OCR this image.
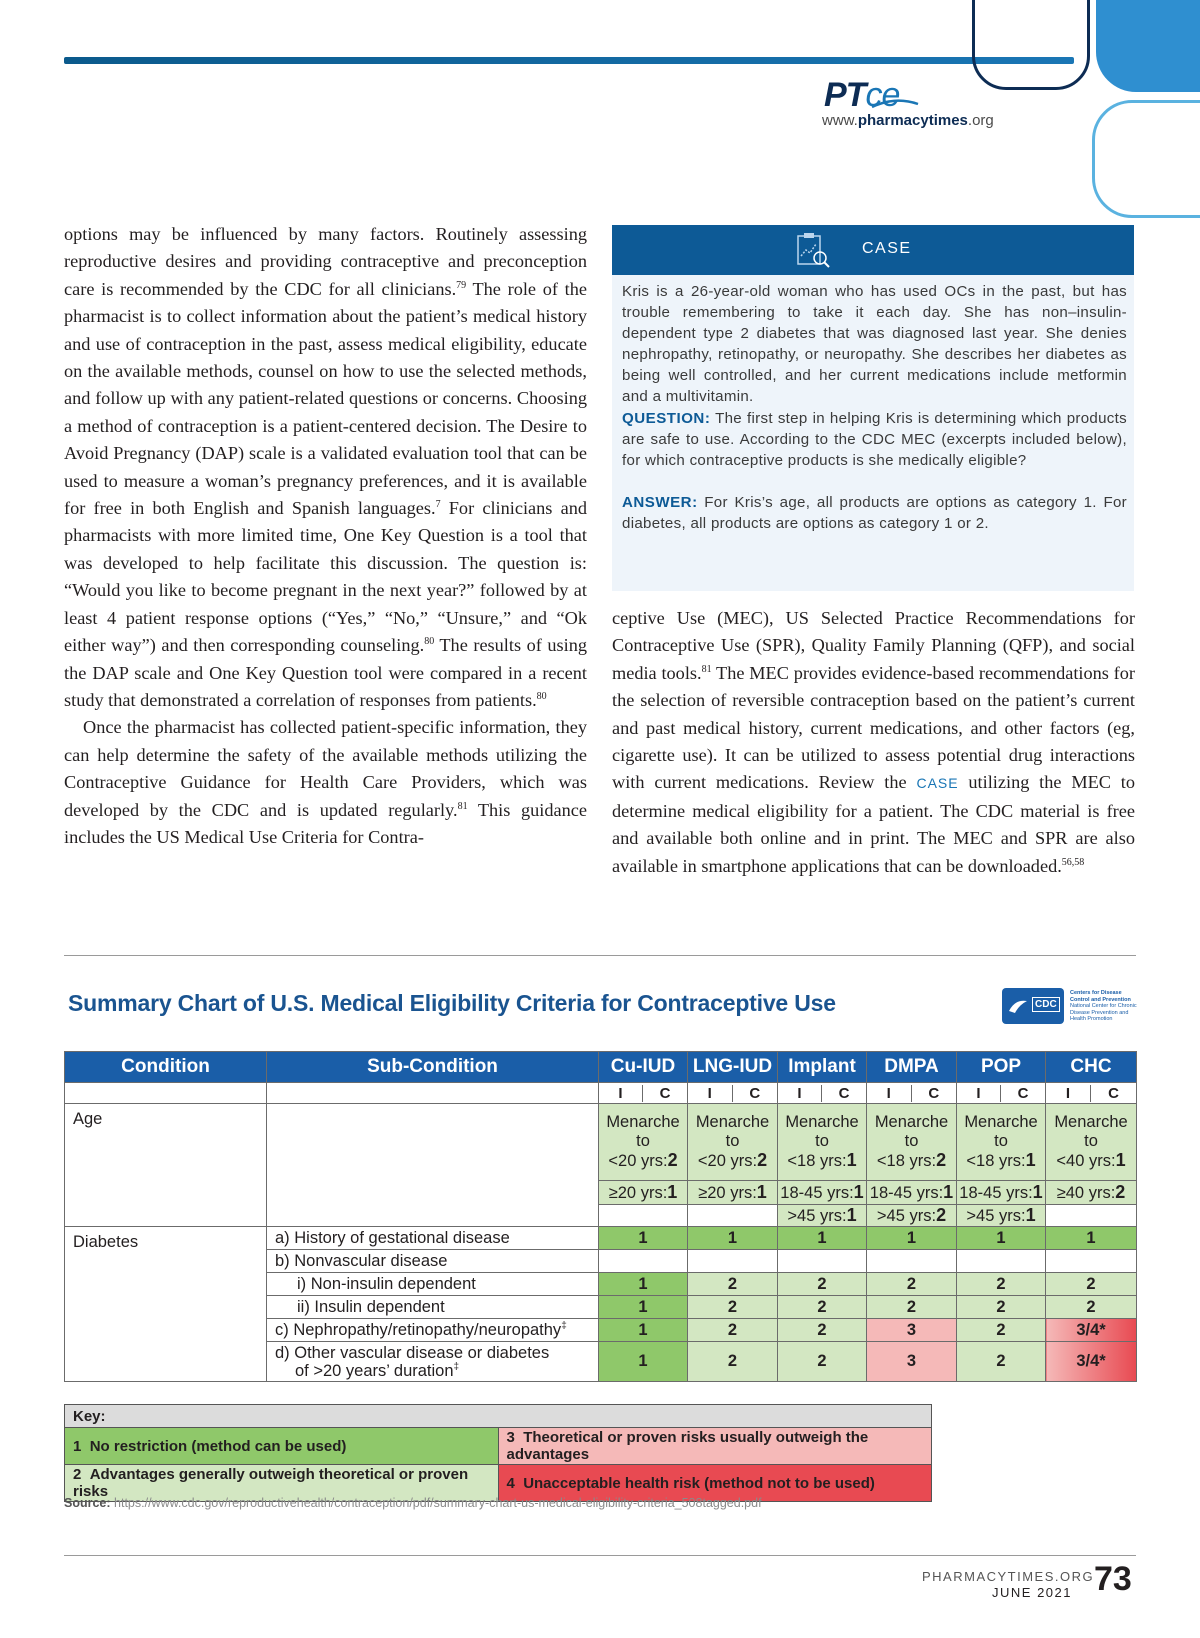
PTce
www.pharmacytimes.org

options may be influenced by many factors. Routinely assessing reproductive desires and providing contraceptive and preconception care is recommended by the CDC for all clinicians.$^{79}$ The role of the pharmacist is to collect information about the patient’s medical history and use of contraception in the past, assess medical eligibility, educate on the available methods, counsel on how to use the selected methods, and follow up with any patient-related questions or concerns. Choosing a method of contraception is a patient-centered decision. The Desire to Avoid Pregnancy (DAP) scale is a validated evaluation tool that can be used to measure a woman’s pregnancy preferences, and it is available for free in both English and Spanish languages.$^7$ For clinicians and pharmacists with more limited time, One Key Question is a tool that was developed to help facilitate this discussion. The question is: “Would you like to become pregnant in the next year?” followed by at least 4 patient response options (“Yes,” “No,” “Unsure,” and “Ok either way”) and then corresponding counseling.$^{80}$ The results of using the DAP scale and One Key Question tool were compared in a recent study that demonstrated a correlation of responses from patients.$^{80}$

Once the pharmacist has collected patient-specific information, they can help determine the safety of the available methods utilizing the Contraceptive Guidance for Health Care Providers, which was developed by the CDC and is updated regularly.$^{81}$ This guidance includes the US Medical Use Criteria for Contra-

CASE

Kris is a 26-year-old woman who has used OCs in the past, but has trouble remembering to take it each day. She has non–insulin-dependent type 2 diabetes that was diagnosed last year. She denies nephropathy, retinopathy, or neuropathy. She describes her diabetes as being well controlled, and her current medications include metformin and a multivitamin.

QUESTION: The first step in helping Kris is determining which products are safe to use. According to the CDC MEC (excerpts included below), for which contraceptive products is she medically eligible?

ANSWER: For Kris’s age, all products are options as category 1. For diabetes, all products are options as category 1 or 2.

ceptive Use (MEC), US Selected Practice Recommendations for Contraceptive Use (SPR), Quality Family Planning (QFP), and social media tools.$^{81}$ The MEC provides evidence-based recommendations for the selection of reversible contraception based on the patient’s current and past medical history, current medications, and other factors (eg, cigarette use). It can be utilized to assess potential drug interactions with current medications. Review the CASE utilizing the MEC to determine medical eligibility for a patient. The CDC material is free and available both online and in print. The MEC and SPR are also available in smartphone applications that can be downloaded.$^{56,58}$

Summary Chart of U.S. Medical Eligibility Criteria for Contraceptive Use	CDC
Centers for Disease
Control and Prevention
National Center for Chronic
Disease Prevention and
Health Promotion
Condition	Sub-Condition	Cu-IUD	LNG-IUD	Implant	DMPA	POP	CHC
		I C	I C	I C	I C	I C	I C
Age		Menarche
to
<20 yrs:2	Menarche
to
<20 yrs:2	Menarche
to
<18 yrs:1	Menarche
to
<18 yrs:2	Menarche
to
<18 yrs:1	Menarche
to
<40 yrs:1
		≥20 yrs:1	≥20 yrs:1	18-45 yrs:1	18-45 yrs:1	18-45 yrs:1	≥40 yrs:2
				>45 yrs:1	>45 yrs:2	>45 yrs:1	
Diabetes	a) History of gestational disease	1	1	1	1	1	1
	b) Nonvascular disease						
	i) Non-insulin dependent	1	2	2	2	2	2
	ii) Insulin dependent	1	2	2	2	2	2
	c) Nephropathy/retinopathy/neuropathy‡	1	2	2	3	2	3/4*
	d) Other vascular disease or diabetes
of >20 years’ duration‡	1	2	2	3	2	3/4*
Key:	
1 No restriction (method can be used)	3 Theoretical or proven risks usually outweigh the advantages
2 Advantages generally outweigh theoretical or proven risks	4 Unacceptable health risk (method not to be used)
Source: https://www.cdc.gov/reproductivehealth/contraception/pdf/summary-chart-us-medical-eligibility-criteria_508tagged.pdf
PHARMACYTIMES.ORG
JUNE 2021 73
